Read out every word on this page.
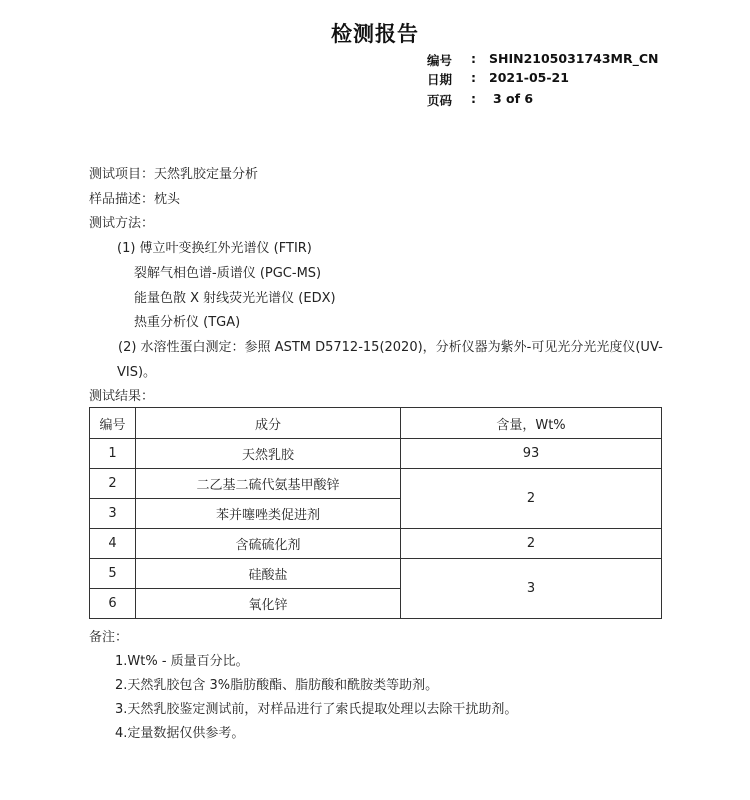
检测报告
编号 : SHIN2105031743MR_CN
日期 : 2021-05-21
页码 : 3 of 6
测试项目：天然乳胶定量分析
样品描述：枕头
测试方法：
(1) 傅立叶变换红外光谱仪 (FTIR)
裂解气相色谱-质谱仪 (PGC-MS)
能量色散 X 射线荧光光谱仪 (EDX)
热重分析仪 (TGA)
(2) 水溶性蛋白测定：参照 ASTM D5712-15(2020)，分析仪器为紫外-可见光分光光度仪(UV-
VIS)。
测试结果：
编号	成分	含量，Wt%
1	天然乳胶	93
2	二乙基二硫代氨基甲酸锌	2
3	苯并噻唑类促进剂	
4	含硫硫化剂	2
5	硅酸盐	3
6	氧化锌	
备注：
1.Wt% - 质量百分比。
2.天然乳胶包含 3%脂肪酸酯、脂肪酸和酰胺类等助剂。
3.天然乳胶鉴定测试前，对样品进行了索氏提取处理以去除干扰助剂。
4.定量数据仅供参考。
